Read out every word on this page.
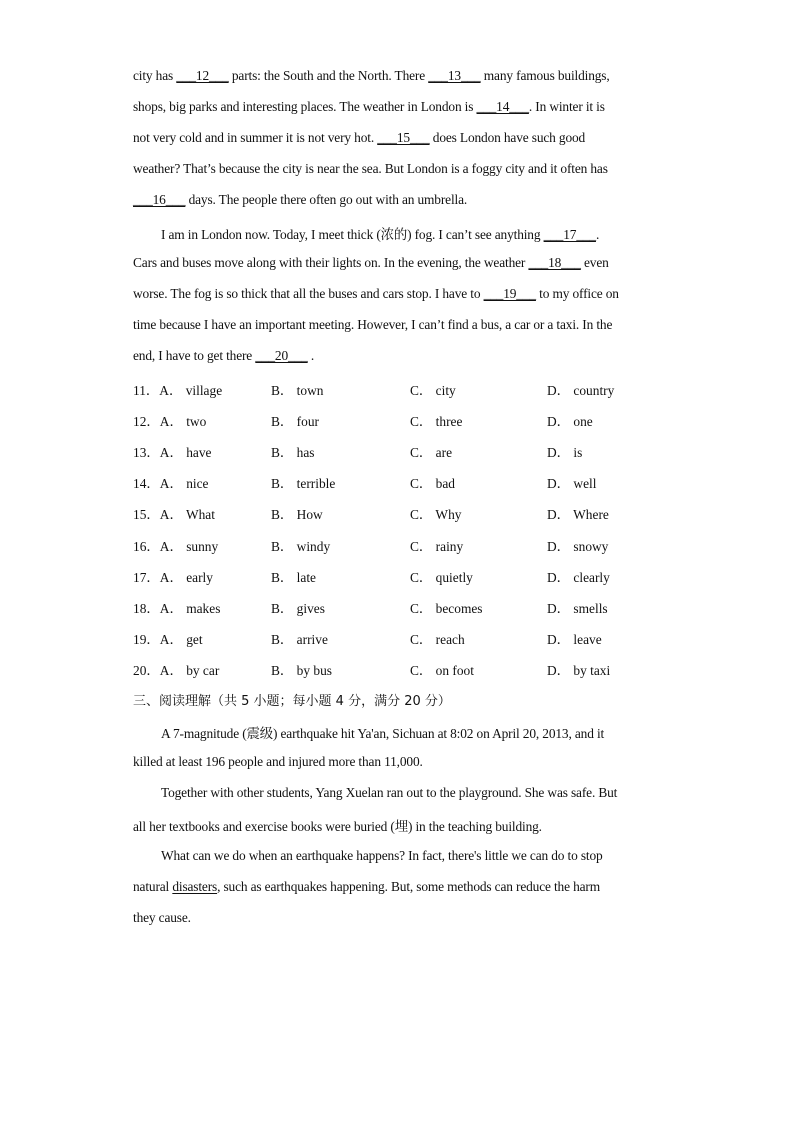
city has ___12___ parts: the South and the North. There ___13___ many famous buildings,
shops, big parks and interesting places. The weather in London is ___14___. In winter it is
not very cold and in summer it is not very hot. ___15___ does London have such good
weather? That’s because the city is near the sea. But London is a foggy city and it often has
___16___ days. The people there often go out with an umbrella.
I am in London now. Today, I meet thick (浓的) fog. I can’t see anything ___17___.
Cars and buses move along with their lights on. In the evening, the weather ___18___ even
worse. The fog is so thick that all the buses and cars stop. I have to ___19___ to my office on
time because I have an important meeting. However, I can’t find a bus, a car or a taxi. In the
end, I have to get there ___20___ .
11．A． village	B． town	C． city	D． country
12．A． two	B． four	C． three	D． one
13．A． have	B． has	C． are	D． is
14．A． nice	B． terrible	C． bad	D． well
15．A． What	B． How	C． Why	D． Where
16．A． sunny	B． windy	C． rainy	D． snowy
17．A． early	B． late	C． quietly	D． clearly
18．A． makes	B． gives	C． becomes	D． smells
19．A． get	B． arrive	C． reach	D． leave
20．A． by car	B． by bus	C． on foot	D． by taxi
三、阅读理解（共 5 小题；每小题 4 分，满分 20 分）
A 7-magnitude (震级) earthquake hit Ya'an, Sichuan at 8:02 on April 20, 2013, and it
killed at least 196 people and injured more than 11,000.
Together with other students, Yang Xuelan ran out to the playground. She was safe. But
all her textbooks and exercise books were buried (埋) in the teaching building.
What can we do when an earthquake happens? In fact, there's little we can do to stop
natural disasters, such as earthquakes happening. But, some methods can reduce the harm
they cause.
